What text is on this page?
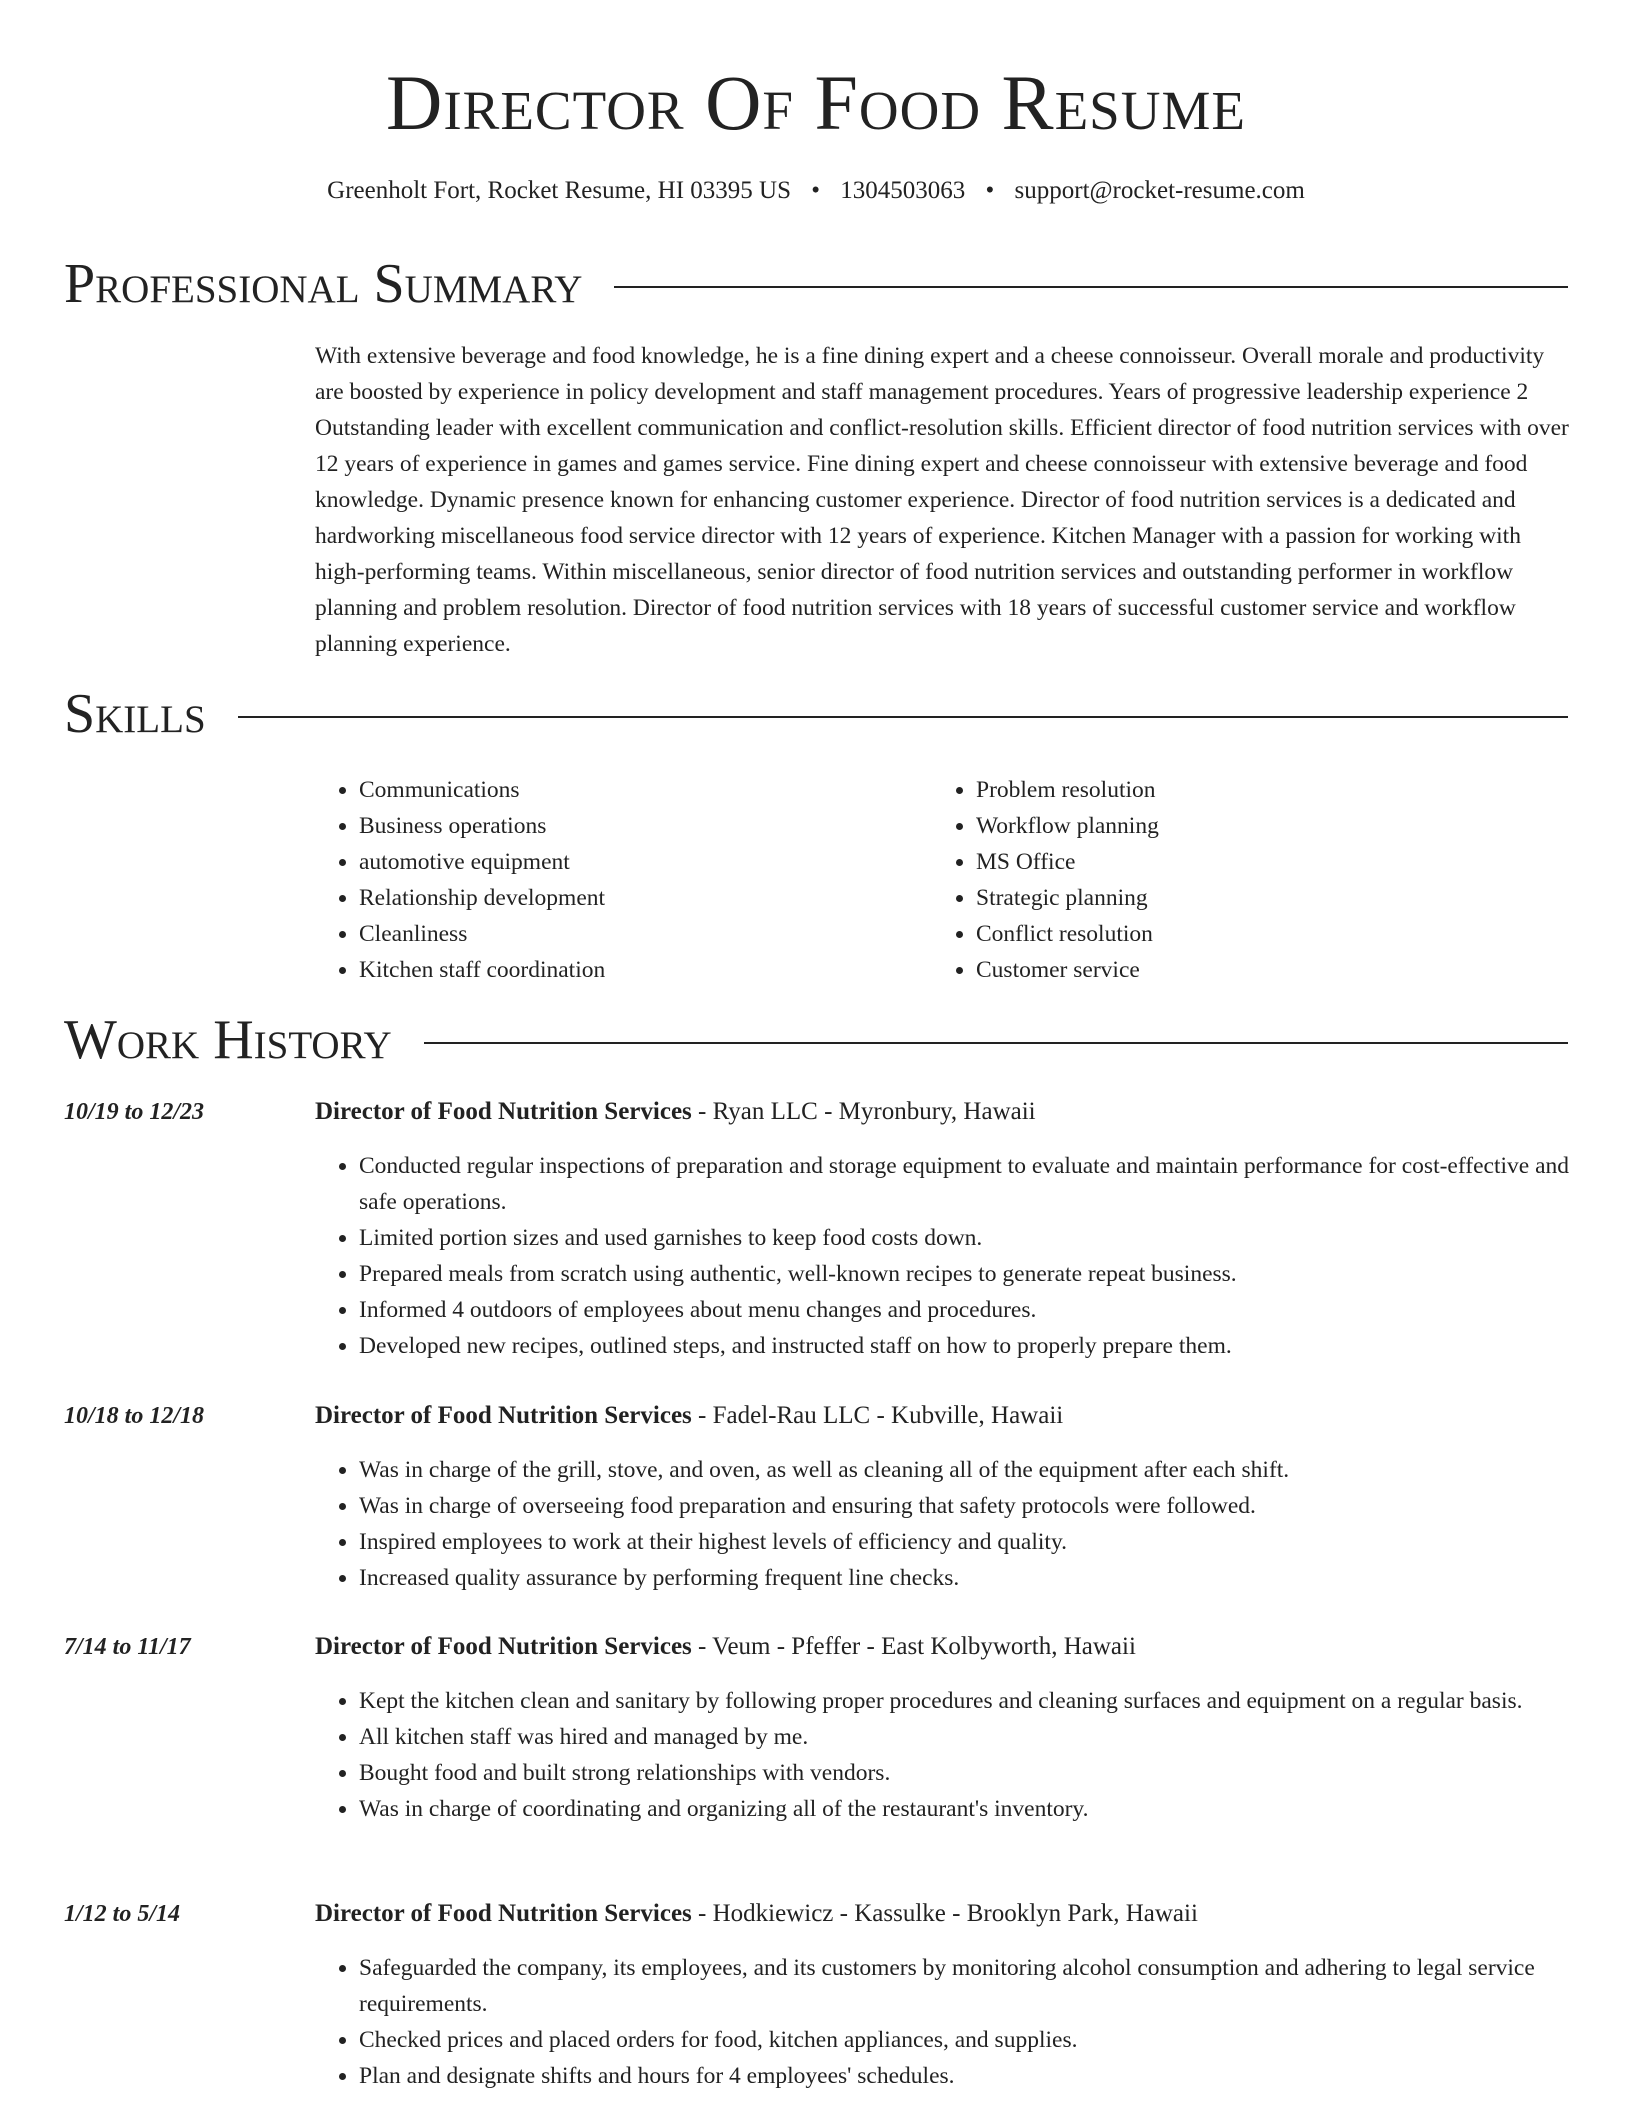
Director Of Food Resume
Greenholt Fort, Rocket Resume, HI 03395 US • 1304503063 • support@rocket-resume.com
Professional Summary

With extensive beverage and food knowledge, he is a fine dining expert and a cheese connoisseur. Overall morale and productivity are boosted by experience in policy development and staff management procedures. Years of progressive leadership experience 2 Outstanding leader with excellent communication and conflict-resolution skills. Efficient director of food nutrition services with over 12 years of experience in games and games service. Fine dining expert and cheese connoisseur with extensive beverage and food knowledge. Dynamic presence known for enhancing customer experience. Director of food nutrition services is a dedicated and hardworking miscellaneous food service director with 12 years of experience. Kitchen Manager with a passion for working with high-performing teams. Within miscellaneous, senior director of food nutrition services and outstanding performer in workflow planning and problem resolution. Director of food nutrition services with 18 years of successful customer service and workflow planning experience.

Skills
• Communications
• Business operations
• automotive equipment
• Relationship development
• Cleanliness
• Kitchen staff coordination
• Problem resolution
• Workflow planning
• MS Office
• Strategic planning
• Conflict resolution
• Customer service
Work History
10/19 to 12/23	Director of Food Nutrition Services - Ryan LLC - Myronbury, Hawaii
• Conducted regular inspections of preparation and storage equipment to evaluate and maintain performance for cost-effective and safe operations.
• Limited portion sizes and used garnishes to keep food costs down.
• Prepared meals from scratch using authentic, well-known recipes to generate repeat business.
• Informed 4 outdoors of employees about menu changes and procedures.
• Developed new recipes, outlined steps, and instructed staff on how to properly prepare them.
10/18 to 12/18	Director of Food Nutrition Services - Fadel-Rau LLC - Kubville, Hawaii
• Was in charge of the grill, stove, and oven, as well as cleaning all of the equipment after each shift.
• Was in charge of overseeing food preparation and ensuring that safety protocols were followed.
• Inspired employees to work at their highest levels of efficiency and quality.
• Increased quality assurance by performing frequent line checks.
7/14 to 11/17	Director of Food Nutrition Services - Veum - Pfeffer - East Kolbyworth, Hawaii
• Kept the kitchen clean and sanitary by following proper procedures and cleaning surfaces and equipment on a regular basis.
• All kitchen staff was hired and managed by me.
• Bought food and built strong relationships with vendors.
• Was in charge of coordinating and organizing all of the restaurant's inventory.
1/12 to 5/14	Director of Food Nutrition Services - Hodkiewicz - Kassulke - Brooklyn Park, Hawaii
• Safeguarded the company, its employees, and its customers by monitoring alcohol consumption and adhering to legal service requirements.
• Checked prices and placed orders for food, kitchen appliances, and supplies.
• Plan and designate shifts and hours for 4 employees' schedules.
